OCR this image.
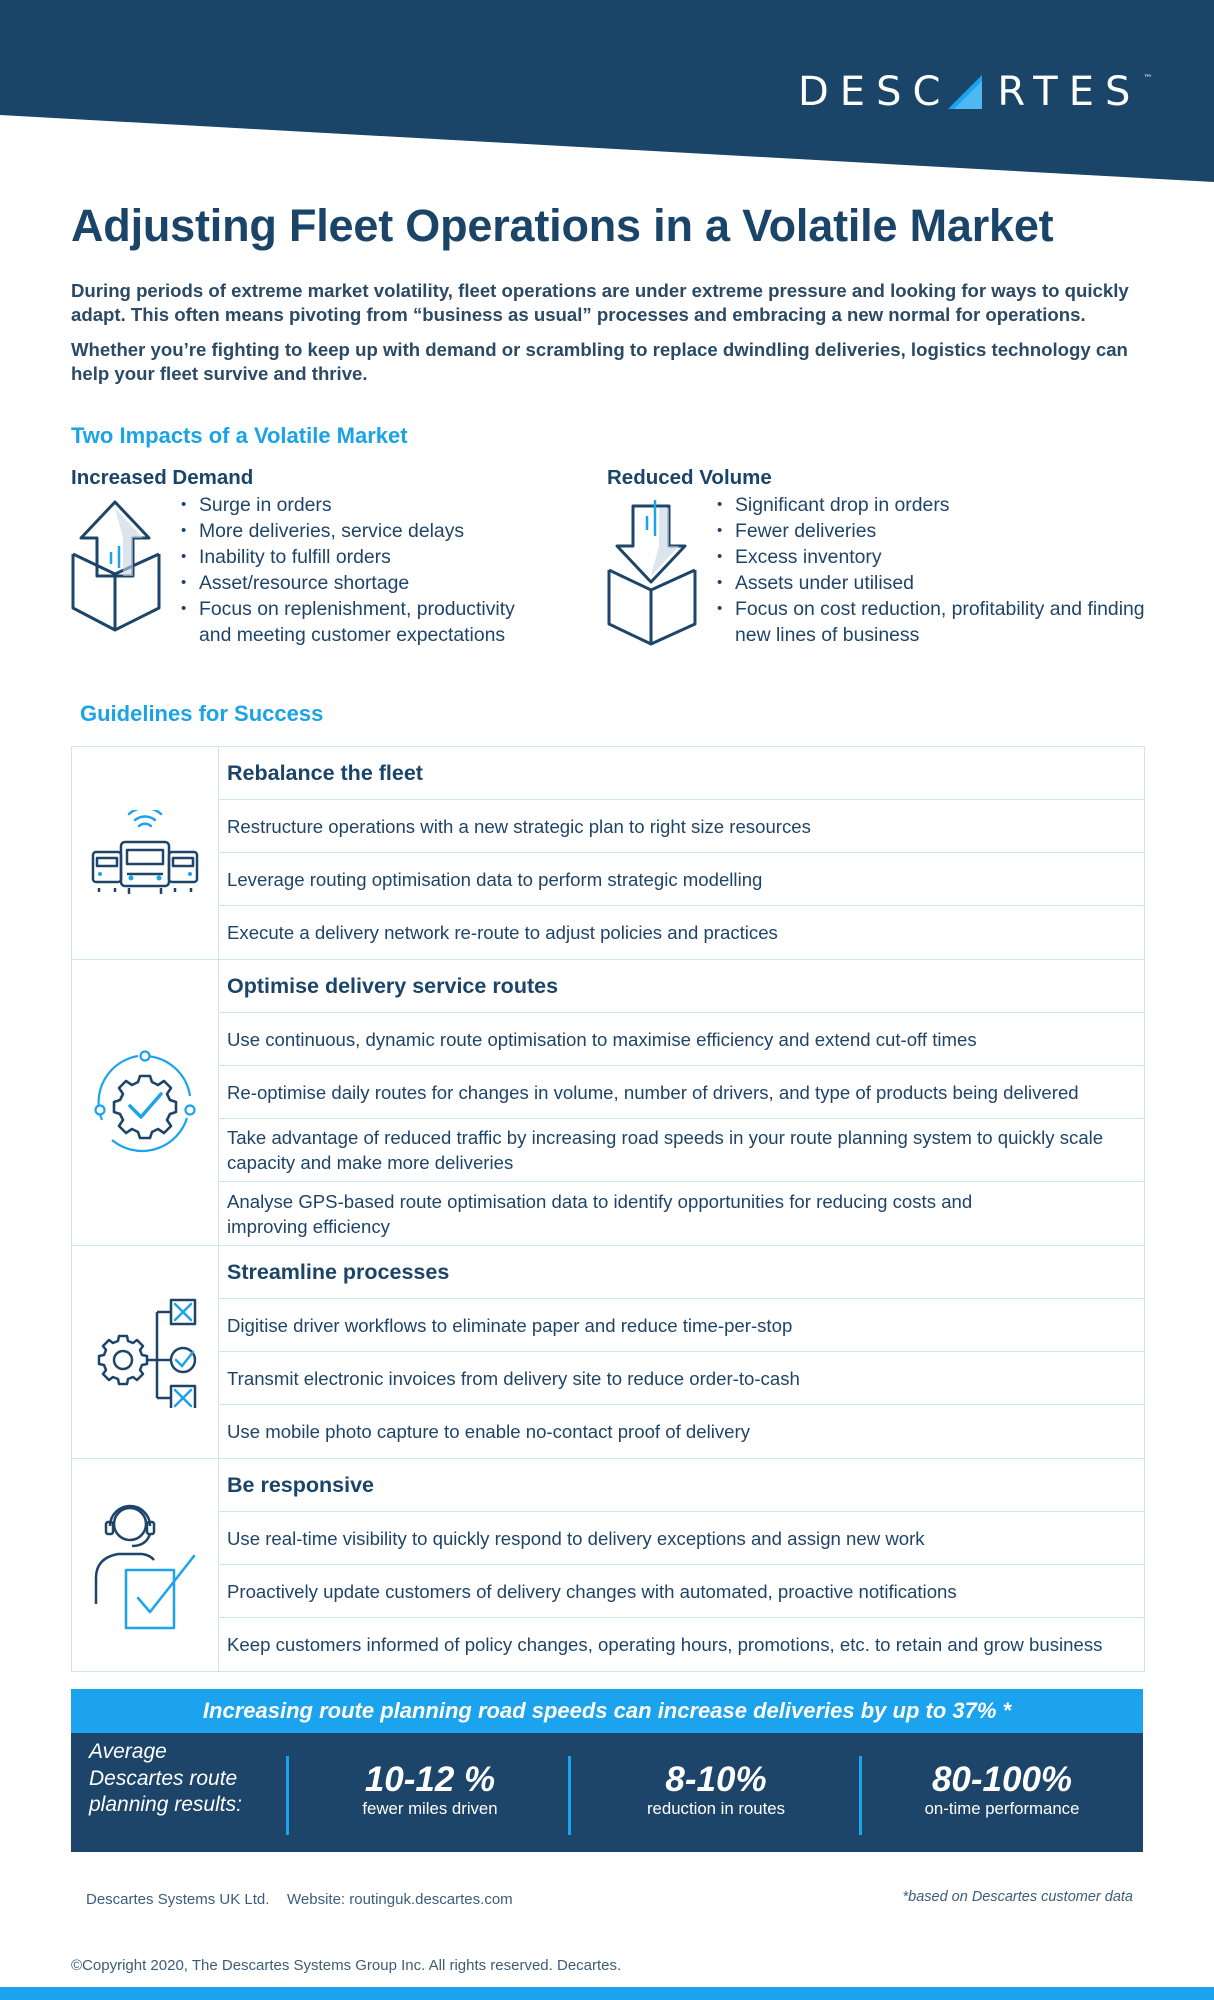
DESC RTES ™
Adjusting Fleet Operations in a Volatile Market

During periods of extreme market volatility, fleet operations are under extreme pressure and looking for ways to quickly adapt. This often means pivoting from “business as usual” processes and embracing a new normal for operations.

Whether you’re fighting to keep up with demand or scrambling to replace dwindling deliveries, logistics technology can help your fleet survive and thrive.

Two Impacts of a Volatile Market
Increased Demand
• Surge in orders
• More deliveries, service delays
• Inability to fulfill orders
• Asset/resource shortage
• Focus on replenishment, productivity and meeting customer expectations
Reduced Volume
• Significant drop in orders
• Fewer deliveries
• Excess inventory
• Assets under utilised
• Focus on cost reduction, profitability and finding new lines of business
Guidelines for Success
Rebalance the fleet
Restructure operations with a new strategic plan to right size resources
Leverage routing optimisation data to perform strategic modelling
Execute a delivery network re-route to adjust policies and practices
Optimise delivery service routes
Use continuous, dynamic route optimisation to maximise efficiency and extend cut-off times
Re-optimise daily routes for changes in volume, number of drivers, and type of products being delivered
Take advantage of reduced traffic by increasing road speeds in your route planning system to quickly scale capacity and make more deliveries
Analyse GPS-based route optimisation data to identify opportunities for reducing costs and improving efficiency
Streamline processes
Digitise driver workflows to eliminate paper and reduce time-per-stop
Transmit electronic invoices from delivery site to reduce order-to-cash
Use mobile photo capture to enable no-contact proof of delivery
Be responsive
Use real-time visibility to quickly respond to delivery exceptions and assign new work
Proactively update customers of delivery changes with automated, proactive notifications
Keep customers informed of policy changes, operating hours, promotions, etc. to retain and grow business
Increasing route planning road speeds can increase deliveries by up to 37% *
Average Descartes route planning results:
10-12 %
fewer miles driven
8-10%
reduction in routes
80-100%
on-time performance
Descartes Systems UK Ltd. Website: routinguk.descartes.com	*based on Descartes customer data
©Copyright 2020, The Descartes Systems Group Inc. All rights reserved. Decartes.
